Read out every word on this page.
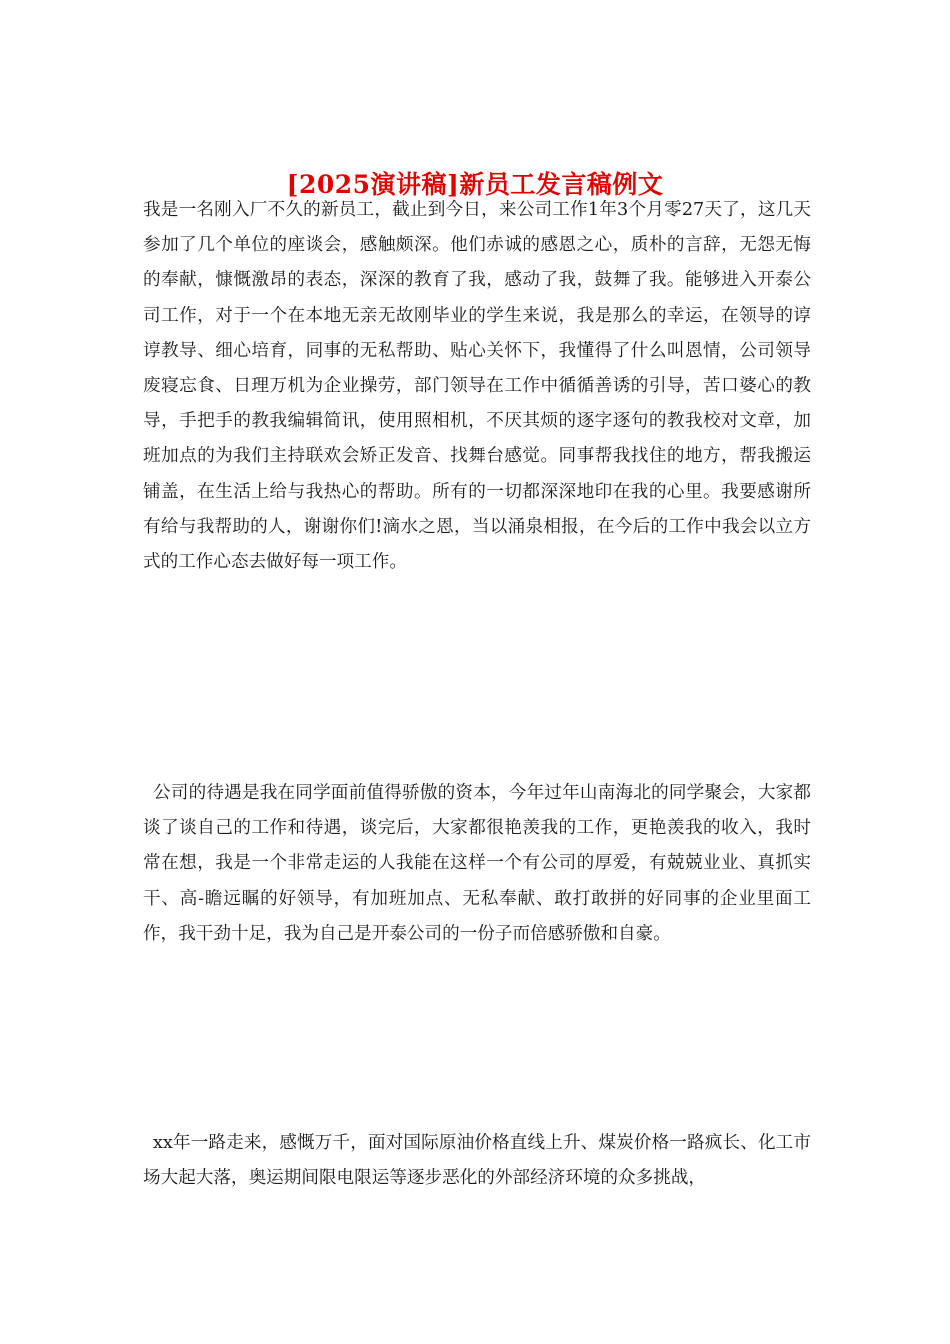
[2025演讲稿]新员工发言稿例文

我是一名刚入厂不久的新员工，截止到今日，来公司工作1年3个月零27天了，这几天参加了几个单位的座谈会，感触颇深。他们赤诚的感恩之心，质朴的言辞，无怨无悔的奉献，慷慨激昂的表态，深深的教育了我，感动了我，鼓舞了我。能够进入开泰公司工作，对于一个在本地无亲无故刚毕业的学生来说，我是那么的幸运，在领导的谆谆教导、细心培育，同事的无私帮助、贴心关怀下，我懂得了什么叫恩情，公司领导废寝忘食、日理万机为企业操劳，部门领导在工作中循循善诱的引导，苦口婆心的教导，手把手的教我编辑简讯，使用照相机，不厌其烦的逐字逐句的教我校对文章，加班加点的为我们主持联欢会矫正发音、找舞台感觉。同事帮我找住的地方，帮我搬运铺盖，在生活上给与我热心的帮助。所有的一切都深深地印在我的心里。我要感谢所有给与我帮助的人，谢谢你们!滴水之恩，当以涌泉相报，在今后的工作中我会以立方式的工作心态去做好每一项工作。

公司的待遇是我在同学面前值得骄傲的资本，今年过年山南海北的同学聚会，大家都谈了谈自己的工作和待遇，谈完后，大家都很艳羡我的工作，更艳羡我的收入，我时常在想，我是一个非常走运的人我能在这样一个有公司的厚爱，有兢兢业业、真抓实干、高-瞻远瞩的好领导，有加班加点、无私奉献、敢打敢拼的好同事的企业里面工作，我干劲十足，我为自己是开泰公司的一份子而倍感骄傲和自豪。

xx年一路走来，感慨万千，面对国际原油价格直线上升、煤炭价格一路疯长、化工市场大起大落，奥运期间限电限运等逐步恶化的外部经济环境的众多挑战，
